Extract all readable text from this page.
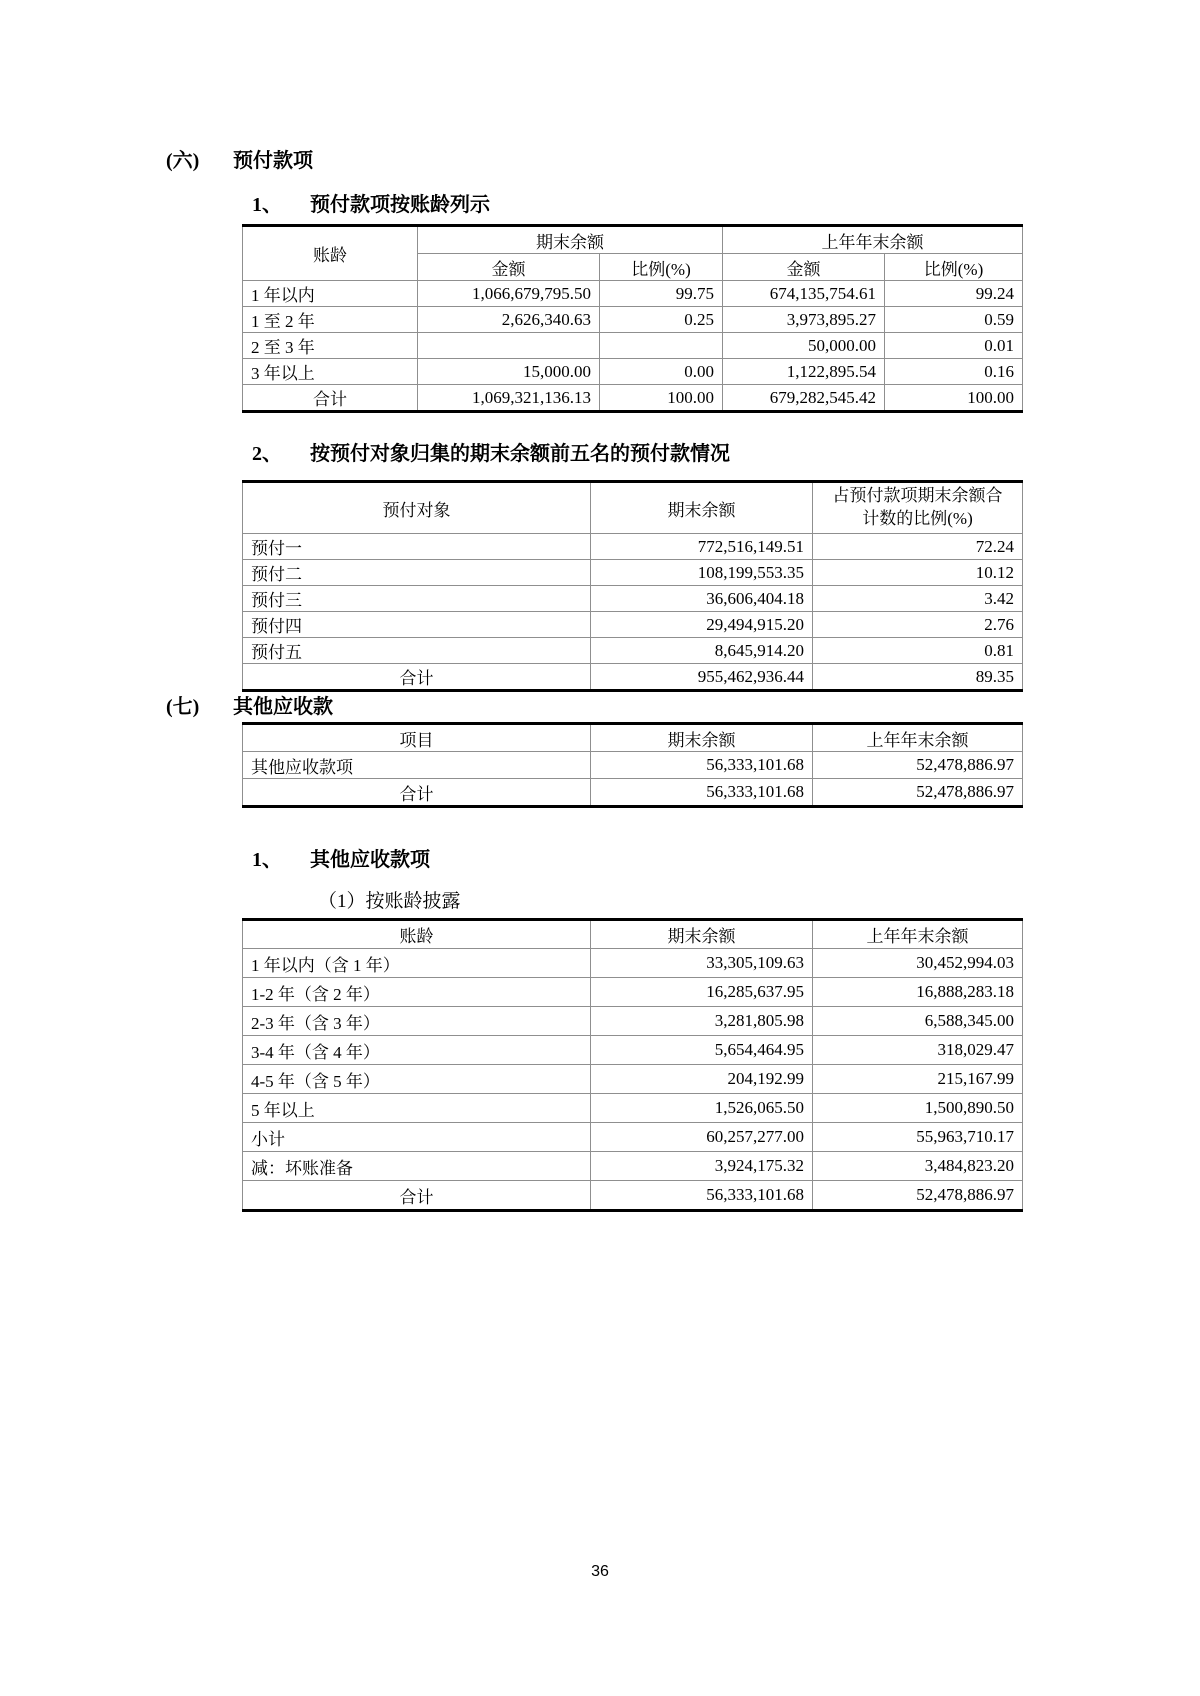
(六) 预付款项
1、 预付款项按账龄列示
账龄	期末余额		上年年末余额	
	金额	比例(%)	金额	比例(%)
1 年以内	1,066,679,795.50	99.75	674,135,754.61	99.24
1 至 2 年	2,626,340.63	0.25	3,973,895.27	0.59
2 至 3 年			50,000.00	0.01
3 年以上	15,000.00	0.00	1,122,895.54	0.16
合计	1,069,321,136.13	100.00	679,282,545.42	100.00
2、 按预付对象归集的期末余额前五名的预付款情况
预付对象	期末余额	占预付款项期末余额合
计数的比例(%)

预付一	772,516,149.51	72.24
预付二	108,199,553.35	10.12
预付三	36,606,404.18	3.42
预付四	29,494,915.20	2.76
预付五	8,645,914.20	0.81
合计	955,462,936.44	89.35
(七) 其他应收款
项目	期末余额	上年年末余额
其他应收款项	56,333,101.68	52,478,886.97
合计	56,333,101.68	52,478,886.97
1、 其他应收款项
（1）按账龄披露
账龄	期末余额	上年年末余额
1 年以内（含 1 年）	33,305,109.63	30,452,994.03
1-2 年（含 2 年）	16,285,637.95	16,888,283.18
2-3 年（含 3 年）	3,281,805.98	6,588,345.00
3-4 年（含 4 年）	5,654,464.95	318,029.47
4-5 年（含 5 年）	204,192.99	215,167.99
5 年以上	1,526,065.50	1,500,890.50
小计	60,257,277.00	55,963,710.17
减：坏账准备	3,924,175.32	3,484,823.20
合计	56,333,101.68	52,478,886.97
36
